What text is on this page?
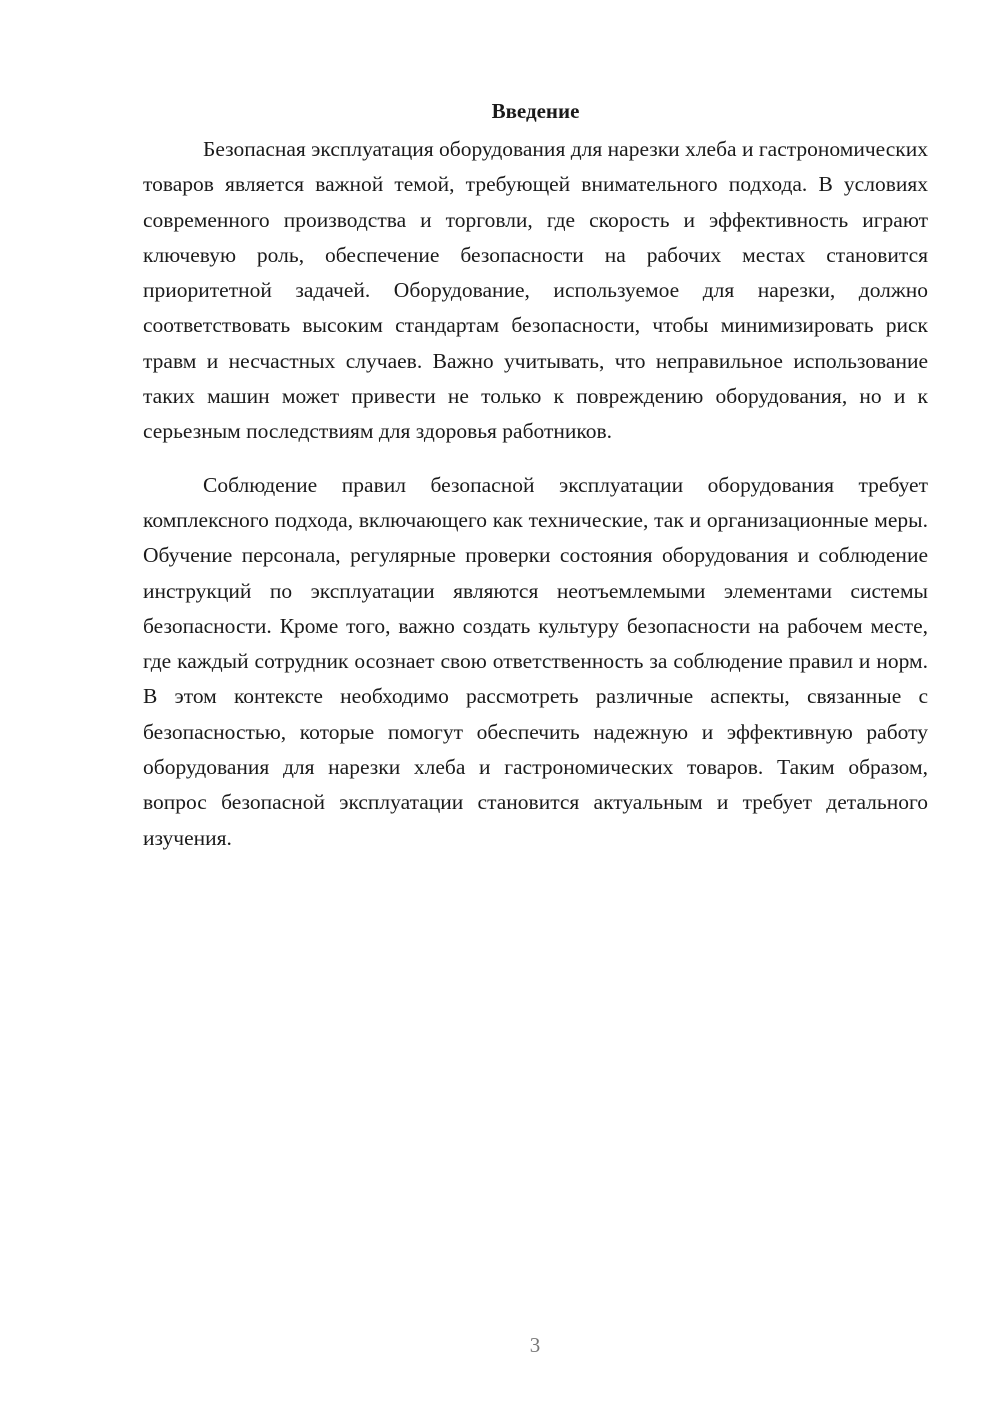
Введение

Безопасная эксплуатация оборудования для нарезки хлеба и гастрономических товаров является важной темой, требующей внимательного подхода. В условиях современного производства и торговли, где скорость и эффективность играют ключевую роль, обеспечение безопасности на рабочих местах становится приоритетной задачей. Оборудование, используемое для нарезки, должно соответствовать высоким стандартам безопасности, чтобы минимизировать риск травм и несчастных случаев. Важно учитывать, что неправильное использование таких машин может привести не только к повреждению оборудования, но и к серьезным последствиям для здоровья работников.

Соблюдение правил безопасной эксплуатации оборудования требует комплексного подхода, включающего как технические, так и организационные меры. Обучение персонала, регулярные проверки состояния оборудования и соблюдение инструкций по эксплуатации являются неотъемлемыми элементами системы безопасности. Кроме того, важно создать культуру безопасности на рабочем месте, где каждый сотрудник осознает свою ответственность за соблюдение правил и норм. В этом контексте необходимо рассмотреть различные аспекты, связанные с безопасностью, которые помогут обеспечить надежную и эффективную работу оборудования для нарезки хлеба и гастрономических товаров. Таким образом, вопрос безопасной эксплуатации становится актуальным и требует детального изучения.

3
